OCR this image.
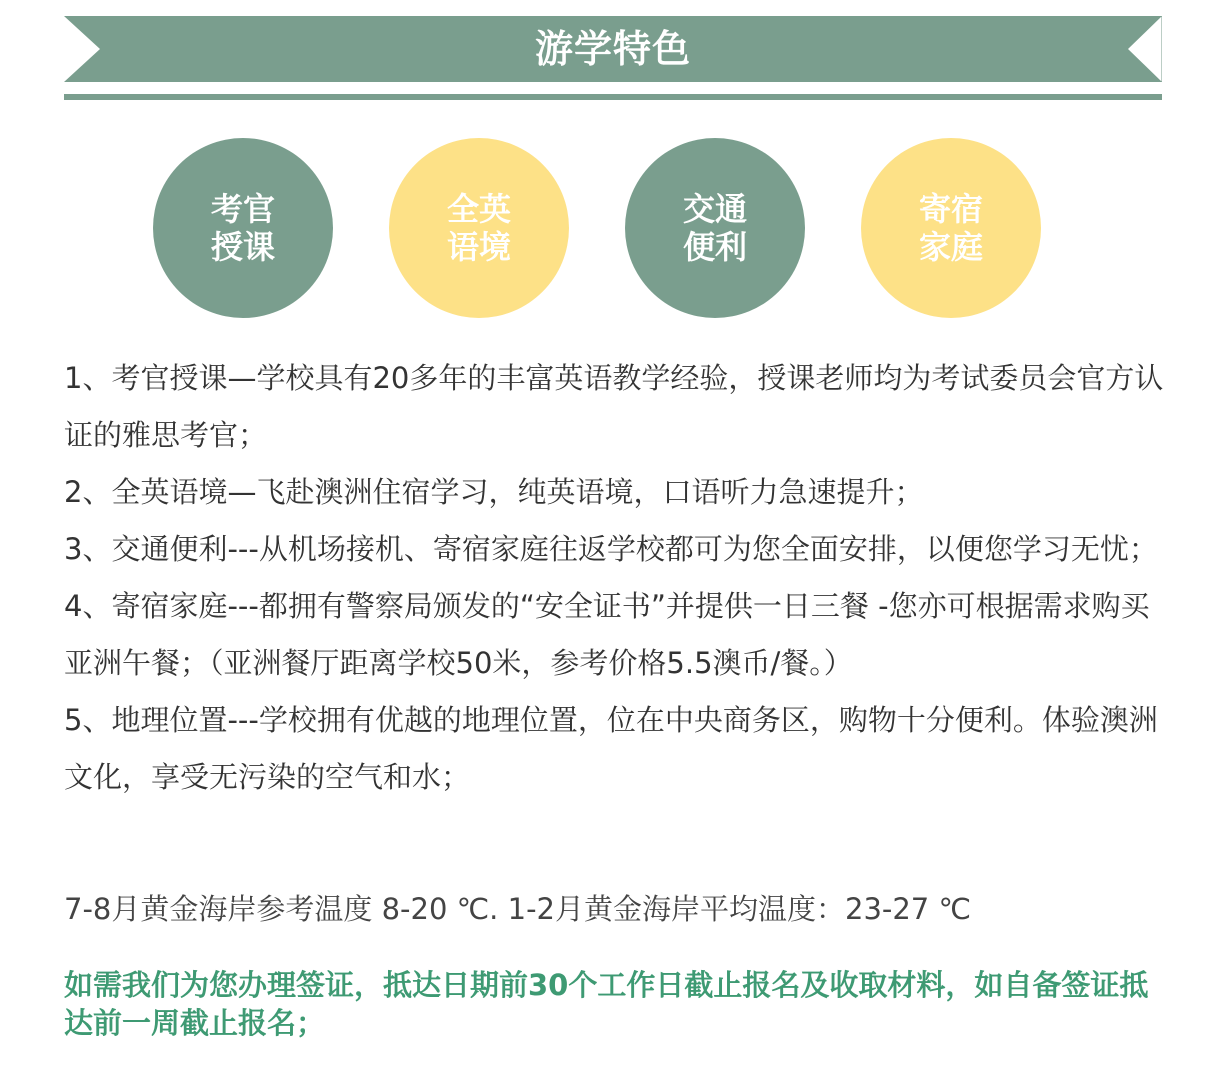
游学特色
考官
授课
全英
语境
交通
便利
寄宿
家庭

1、考官授课—学校具有20多年的丰富英语教学经验，授课老师均为考试委员会官方认证的雅思考官；

2、全英语境—飞赴澳洲住宿学习，纯英语境，口语听力急速提升；

3、交通便利---从机场接机、寄宿家庭往返学校都可为您全面安排，以便您学习无忧；

4、寄宿家庭---都拥有警察局颁发的“安全证书”并提供一日三餐 -您亦可根据需求购买亚洲午餐；（亚洲餐厅距离学校50米，参考价格5.5澳币/餐。）

5、地理位置---学校拥有优越的地理位置，位在中央商务区，购物十分便利。体验澳洲文化，享受无污染的空气和水；

7-8月黄金海岸参考温度 8-20 ℃. 1-2月黄金海岸平均温度：23-27 ℃
如需我们为您办理签证，抵达日期前30个工作日截止报名及收取材料，如自备签证抵达前一周截止报名；
